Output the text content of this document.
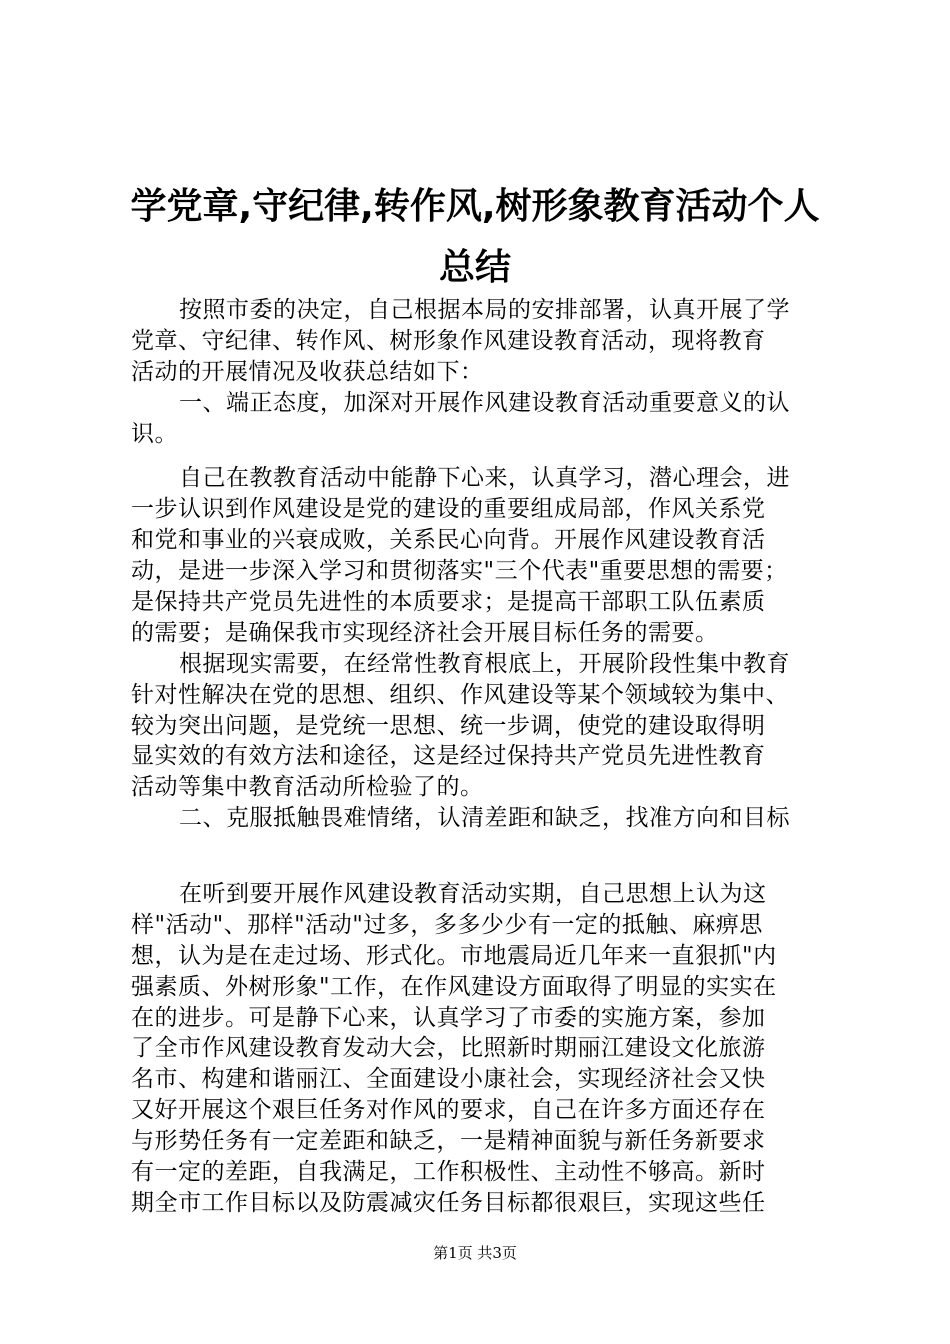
学党章,守纪律,转作风,树形象教育活动个人
总结
按照市委的决定，自己根据本局的安排部署，认真开展了学
党章、守纪律、转作风、树形象作风建设教育活动，现将教育
活动的开展情况及收获总结如下：
一、端正态度，加深对开展作风建设教育活动重要意义的认
识。
自己在教教育活动中能静下心来，认真学习，潜心理会，进
一步认识到作风建设是党的建设的重要组成局部，作风关系党
和党和事业的兴衰成败，关系民心向背。开展作风建设教育活
动，是进一步深入学习和贯彻落实"三个代表"重要思想的需要；
是保持共产党员先进性的本质要求；是提高干部职工队伍素质
的需要；是确保我市实现经济社会开展目标任务的需要。
根据现实需要，在经常性教育根底上，开展阶段性集中教育
针对性解决在党的思想、组织、作风建设等某个领域较为集中、
较为突出问题，是党统一思想、统一步调，使党的建设取得明
显实效的有效方法和途径，这是经过保持共产党员先进性教育
活动等集中教育活动所检验了的。
二、克服抵触畏难情绪，认清差距和缺乏，找准方向和目标
在听到要开展作风建设教育活动实期，自己思想上认为这
样"活动"、那样"活动"过多，多多少少有一定的抵触、麻痹思
想，认为是在走过场、形式化。市地震局近几年来一直狠抓"内
强素质、外树形象"工作，在作风建设方面取得了明显的实实在
在的进步。可是静下心来，认真学习了市委的实施方案，参加
了全市作风建设教育发动大会，比照新时期丽江建设文化旅游
名市、构建和谐丽江、全面建设小康社会，实现经济社会又快
又好开展这个艰巨任务对作风的要求，自己在许多方面还存在
与形势任务有一定差距和缺乏，一是精神面貌与新任务新要求
有一定的差距，自我满足，工作积极性、主动性不够高。新时
期全市工作目标以及防震减灾任务目标都很艰巨，实现这些任
第1页 共3页
